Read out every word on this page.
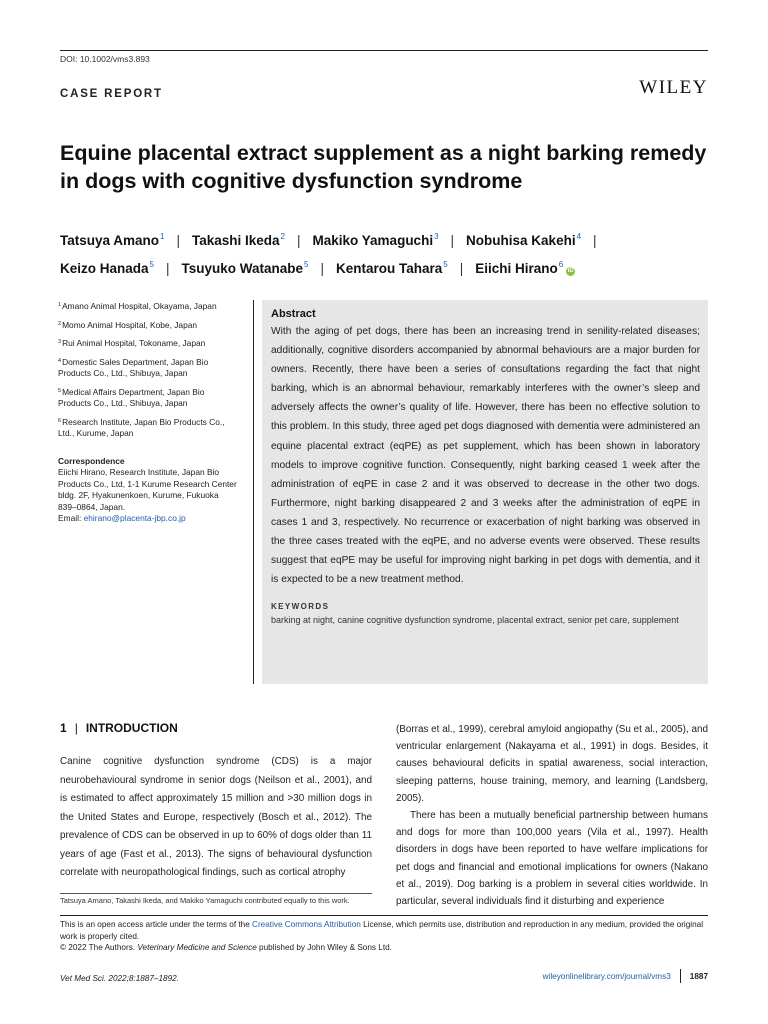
DOI: 10.1002/vms3.893
CASE REPORT	WILEY
Equine placental extract supplement as a night barking remedy in dogs with cognitive dysfunction syndrome
Tatsuya Amano$^1$ | Takashi Ikeda$^2$ | Makiko Yamaguchi$^3$ | Nobuhisa Kakehi$^4$ |
Keizo Hanada$^5$ | Tsuyuko Watanabe$^5$ | Kentarou Tahara$^5$ | Eiichi Hirano$^6$iD
$^1$Amano Animal Hospital, Okayama, Japan
$^2$Momo Animal Hospital, Kobe, Japan
$^3$Rui Animal Hospital, Tokoname, Japan
$^4$Domestic Sales Department, Japan Bio Products Co., Ltd., Shibuya, Japan
$^5$Medical Affairs Department, Japan Bio Products Co., Ltd., Shibuya, Japan
$^6$Research Institute, Japan Bio Products Co., Ltd., Kurume, Japan
Correspondence
Eiichi Hirano, Research Institute, Japan Bio Products Co., Ltd, 1-1 Kurume Research Center bldg. 2F, Hyakunenkoen, Kurume, Fukuoka 839–0864, Japan.
Email: ehirano@placenta-jbp.co.jp
Abstract

With the aging of pet dogs, there has been an increasing trend in senility-related diseases; additionally, cognitive disorders accompanied by abnormal behaviours are a major burden for owners. Recently, there have been a series of consultations regarding the fact that night barking, which is an abnormal behaviour, remarkably interferes with the owner’s sleep and adversely affects the owner’s quality of life. However, there has been no effective solution to this problem. In this study, three aged pet dogs diagnosed with dementia were administered an equine placental extract (eqPE) as pet supplement, which has been shown in laboratory models to improve cognitive function. Consequently, night barking ceased 1 week after the administration of eqPE in case 2 and it was observed to decrease in the other two dogs. Furthermore, night barking disappeared 2 and 3 weeks after the administration of eqPE in cases 1 and 3, respectively. No recurrence or exacerbation of night barking was observed in the three cases treated with the eqPE, and no adverse events were observed. These results suggest that eqPE may be useful for improving night barking in pet dogs with dementia, and it is expected to be a new treatment method.

KEYWORDS
barking at night, canine cognitive dysfunction syndrome, placental extract, senior pet care, supplement
1 | INTRODUCTION

Canine cognitive dysfunction syndrome (CDS) is a major neurobehavioural syndrome in senior dogs (Neilson et al., 2001), and is estimated to affect approximately 15 million and >30 million dogs in the United States and Europe, respectively (Bosch et al., 2012). The prevalence of CDS can be observed in up to 60% of dogs older than 11 years of age (Fast et al., 2013). The signs of behavioural dysfunction correlate with neuropathological findings, such as cortical atrophy

(Borras et al., 1999), cerebral amyloid angiopathy (Su et al., 2005), and ventricular enlargement (Nakayama et al., 1991) in dogs. Besides, it causes behavioural deficits in spatial awareness, social interaction, sleeping patterns, house training, memory, and learning (Landsberg, 2005).

There has been a mutually beneficial partnership between humans and dogs for more than 100,000 years (Vila et al., 1997). Health disorders in dogs have been reported to have welfare implications for pet dogs and financial and emotional implications for owners (Nakano et al., 2019). Dog barking is a problem in several cities worldwide. In particular, several individuals find it disturbing and experience

Tatsuya Amano, Takashi Ikeda, and Makiko Yamaguchi contributed equally to this work.
This is an open access article under the terms of the Creative Commons Attribution License, which permits use, distribution and reproduction in any medium, provided the original work is properly cited.
© 2022 The Authors. Veterinary Medicine and Science published by John Wiley & Sons Ltd.
Vet Med Sci. 2022;8:1887–1892.	wileyonlinelibrary.com/journal/vms3 1887
